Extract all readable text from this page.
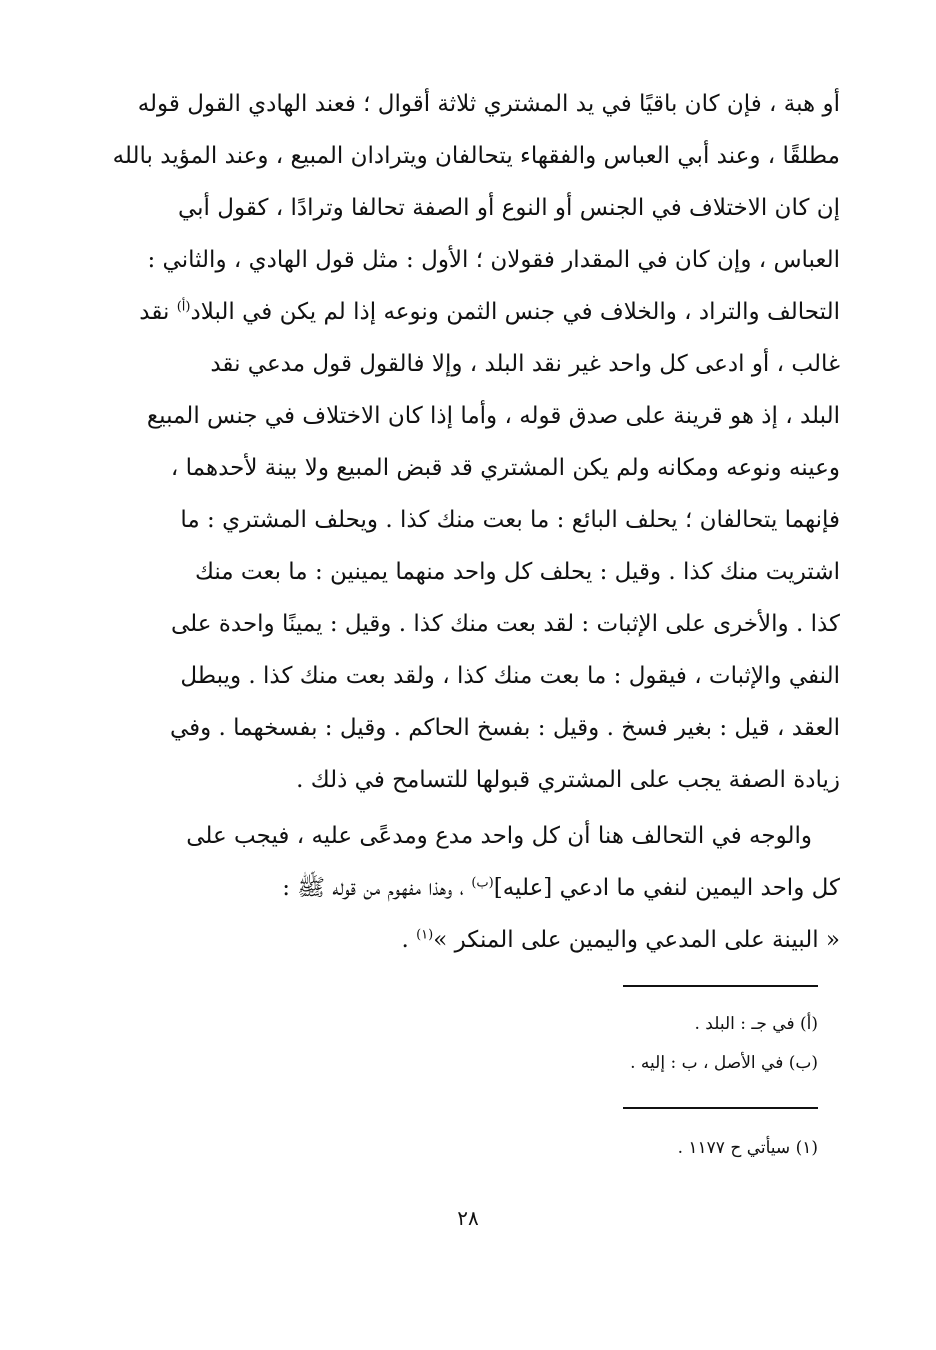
أو هبة ، فإن كان باقيًا في يد المشتري ثلاثة أقوال ؛ فعند الهادي القول قوله
مطلقًا ، وعند أبي العباس والفقهاء يتحالفان ويترادان المبيع ، وعند المؤيد بالله
إن كان الاختلاف في الجنس أو النوع أو الصفة تحالفا وترادًا ، كقول أبي
العباس ، وإن كان في المقدار فقولان ؛ الأول : مثل قول الهادي ، والثاني :
التحالف والتراد ، والخلاف في جنس الثمن ونوعه إذا لم يكن في البلاد$^{(أ)}$ نقد
غالب ، أو ادعى كل واحد غير نقد البلد ، وإلا فالقول قول مدعي نقد
البلد ، إذ هو قرينة على صدق قوله ، وأما إذا كان الاختلاف في جنس المبيع
وعينه ونوعه ومكانه ولم يكن المشتري قد قبض المبيع ولا بينة لأحدهما ،
فإنهما يتحالفان ؛ يحلف البائع : ما بعت منك كذا . ويحلف المشتري : ما
اشتريت منك كذا . وقيل : يحلف كل واحد منهما يمينين : ما بعت منك
كذا . والأخرى على الإثبات : لقد بعت منك كذا . وقيل : يمينًا واحدة على
النفي والإثبات ، فيقول : ما بعت منك كذا ، ولقد بعت منك كذا . ويبطل
العقد ، قيل : بغير فسخ . وقيل : بفسخ الحاكم . وقيل : بفسخهما . وفي
زيادة الصفة يجب على المشتري قبولها للتسامح في ذلك .
والوجه في التحالف هنا أن كل واحد مدع ومدعًى عليه ، فيجب على
كل واحد اليمين لنفي ما ادعي [عليه]$^{(ب)}$ ، وهذا مفهوم من قوله ﷺ :
« البينة على المدعي واليمين على المنكر »$^{(١)}$ .
(أ) في جـ : البلد .
(ب) في الأصل ، ب : إليه .
(١) سيأتي ح ١١٧٧ .
٢٨
